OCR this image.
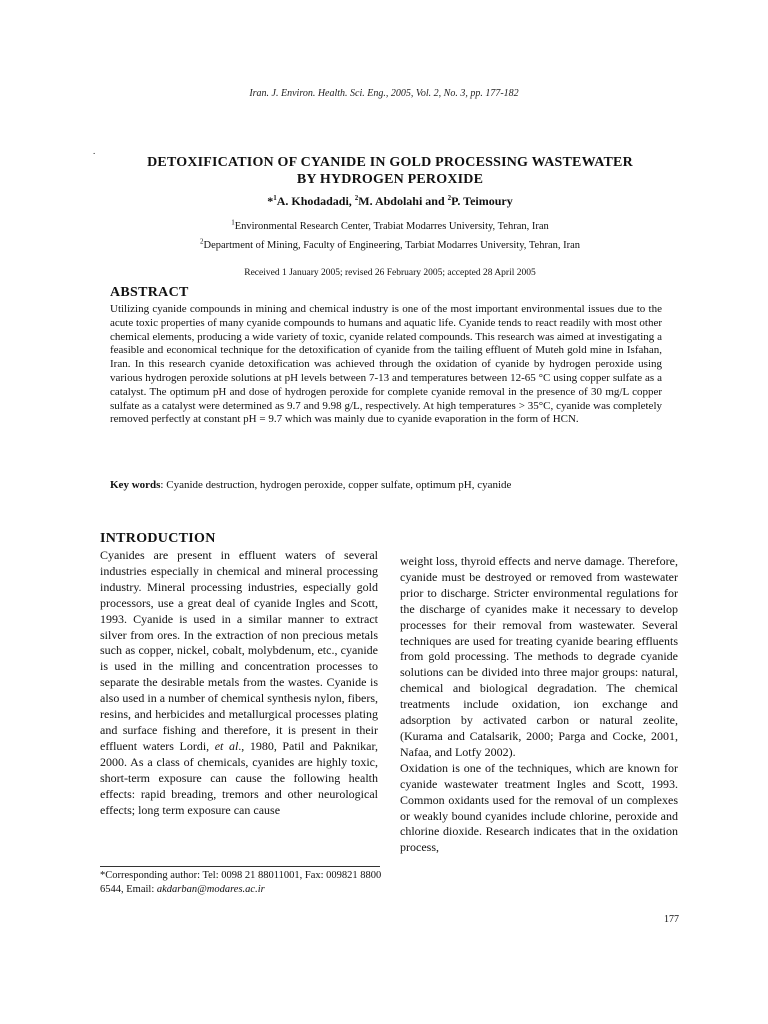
Iran. J. Environ. Health. Sci. Eng., 2005, Vol. 2, No. 3, pp. 177-182
.
DETOXIFICATION OF CYANIDE IN GOLD PROCESSING WASTEWATER
BY HYDROGEN PEROXIDE
*$^1$A. Khodadadi, $^2$M. Abdolahi and $^2$P. Teimoury
$^1$Environmental Research Center, Trabiat Modarres University, Tehran, Iran
$^2$Department of Mining, Faculty of Engineering, Tarbiat Modarres University, Tehran, Iran
Received 1 January 2005; revised 26 February 2005; accepted 28 April 2005
ABSTRACT

Utilizing cyanide compounds in mining and chemical industry is one of the most important environmental issues due to the acute toxic properties of many cyanide compounds to humans and aquatic life. Cyanide tends to react readily with most other chemical elements, producing a wide variety of toxic, cyanide related compounds. This research was aimed at investigating a feasible and economical technique for the detoxification of cyanide from the tailing effluent of Muteh gold mine in Isfahan, Iran. In this research cyanide detoxification was achieved through the oxidation of cyanide by hydrogen peroxide using various hydrogen peroxide solutions at pH levels between 7-13 and temperatures between 12-65 °C using copper sulfate as a catalyst. The optimum pH and dose of hydrogen peroxide for complete cyanide removal in the presence of 30 mg/L copper sulfate as a catalyst were determined as 9.7 and 9.98 g/L, respectively. At high temperatures > 35°C, cyanide was completely removed perfectly at constant pH = 9.7 which was mainly due to cyanide evaporation in the form of HCN.

Key words: Cyanide destruction, hydrogen peroxide, copper sulfate, optimum pH, cyanide
INTRODUCTION

Cyanides are present in effluent waters of several industries especially in chemical and mineral processing industry. Mineral processing industries, especially gold processors, use a great deal of cyanide Ingles and Scott, 1993. Cyanide is used in a similar manner to extract silver from ores. In the extraction of non precious metals such as copper, nickel, cobalt, molybdenum, etc., cyanide is used in the milling and concentration processes to separate the desirable metals from the wastes. Cyanide is also used in a number of chemical synthesis nylon, fibers, resins, and herbicides and metallurgical processes plating and surface fishing and therefore, it is present in their effluent waters Lordi, et al., 1980, Patil and Paknikar, 2000. As a class of chemicals, cyanides are highly toxic, short-term exposure can cause the following health effects: rapid breading, tremors and other neurological effects; long term exposure can cause

weight loss, thyroid effects and nerve damage. Therefore, cyanide must be destroyed or removed from wastewater prior to discharge. Stricter environmental regulations for the discharge of cyanides make it necessary to develop processes for their removal from wastewater. Several techniques are used for treating cyanide bearing effluents from gold processing. The methods to degrade cyanide solutions can be divided into three major groups: natural, chemical and biological degradation. The chemical treatments include oxidation, ion exchange and adsorption by activated carbon or natural zeolite, (Kurama and Catalsarik, 2000; Parga and Cocke, 2001, Nafaa, and Lotfy 2002).

Oxidation is one of the techniques, which are known for cyanide wastewater treatment Ingles and Scott, 1993. Common oxidants used for the removal of un complexes or weakly bound cyanides include chlorine, peroxide and chlorine dioxide. Research indicates that in the oxidation process,

*Corresponding author: Tel: 0098 21 88011001, Fax: 009821 8800 6544, Email: akdarban@modares.ac.ir

177
